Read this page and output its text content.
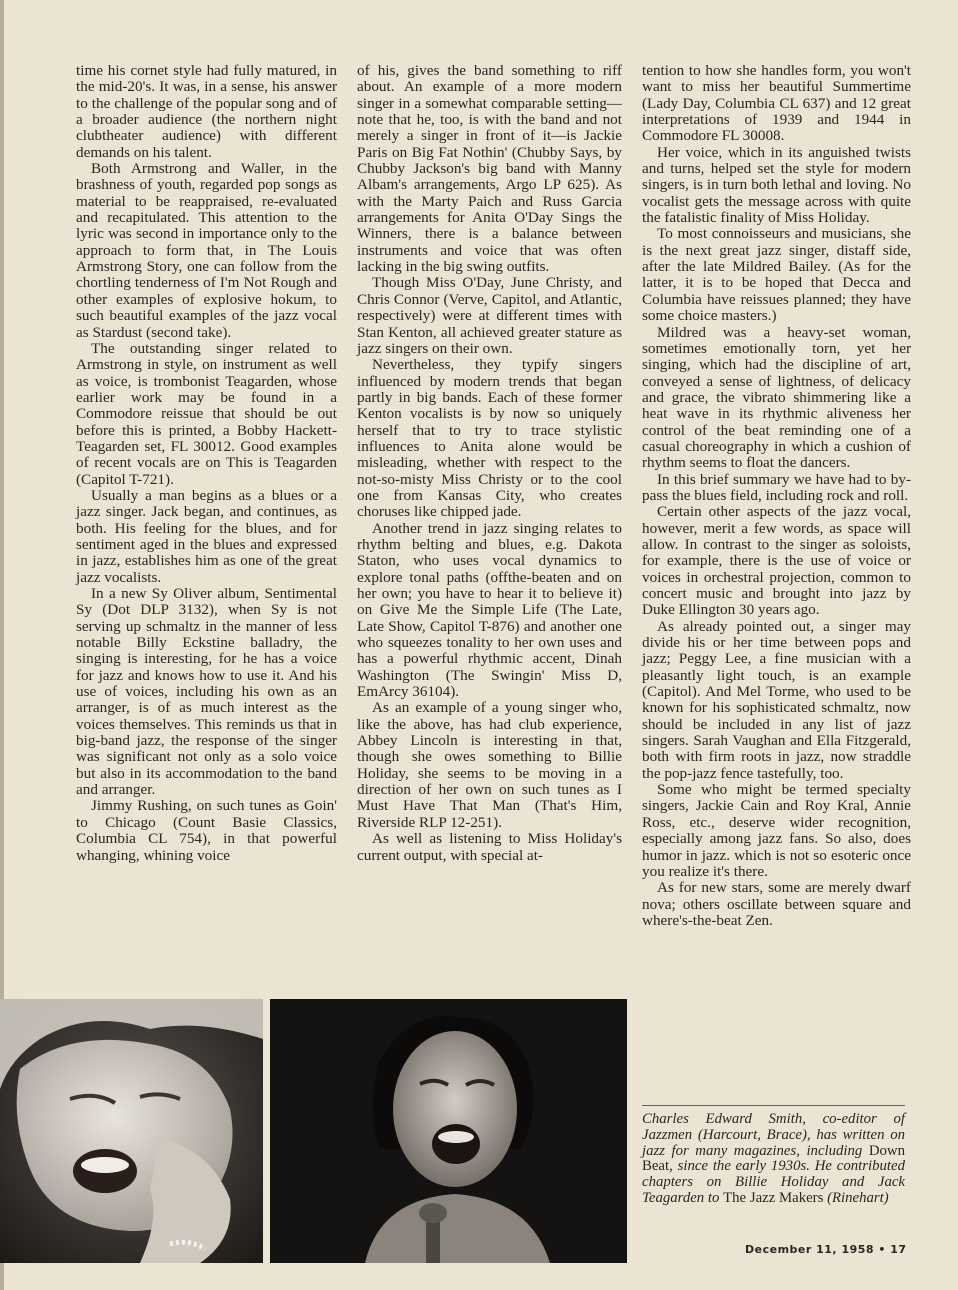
time his cornet style had fully matured, in the mid-20's. It was, in a sense, his answer to the challenge of the popular song and of a broader audience (the northern night clubtheater audience) with different demands on his talent.

Both Armstrong and Waller, in the brashness of youth, regarded pop songs as material to be reappraised, re-evaluated and recapitulated. This attention to the lyric was second in importance only to the approach to form that, in The Louis Armstrong Story, one can follow from the chortling tenderness of I'm Not Rough and other examples of explosive hokum, to such beautiful examples of the jazz vocal as Stardust (second take).

The outstanding singer related to Armstrong in style, on instrument as well as voice, is trombonist Teagarden, whose earlier work may be found in a Commodore reissue that should be out before this is printed, a Bobby Hackett-Teagarden set, FL 30012. Good examples of recent vocals are on This is Teagarden (Capitol T-721).

Usually a man begins as a blues or a jazz singer. Jack began, and continues, as both. His feeling for the blues, and for sentiment aged in the blues and expressed in jazz, establishes him as one of the great jazz vocalists.

In a new Sy Oliver album, Sentimental Sy (Dot DLP 3132), when Sy is not serving up schmaltz in the manner of less notable Billy Eckstine balladry, the singing is interesting, for he has a voice for jazz and knows how to use it. And his use of voices, including his own as an arranger, is of as much interest as the voices themselves. This reminds us that in big-band jazz, the response of the singer was significant not only as a solo voice but also in its accommodation to the band and arranger.

Jimmy Rushing, on such tunes as Goin' to Chicago (Count Basie Classics, Columbia CL 754), in that powerful whanging, whining voice

of his, gives the band something to riff about. An example of a more modern singer in a somewhat comparable setting—note that he, too, is with the band and not merely a singer in front of it—is Jackie Paris on Big Fat Nothin' (Chubby Says, by Chubby Jackson's big band with Manny Albam's arrangements, Argo LP 625). As with the Marty Paich and Russ Garcia arrangements for Anita O'Day Sings the Winners, there is a balance between instruments and voice that was often lacking in the big swing outfits.

Though Miss O'Day, June Christy, and Chris Connor (Verve, Capitol, and Atlantic, respectively) were at different times with Stan Kenton, all achieved greater stature as jazz singers on their own.

Nevertheless, they typify singers influenced by modern trends that began partly in big bands. Each of these former Kenton vocalists is by now so uniquely herself that to try to trace stylistic influences to Anita alone would be misleading, whether with respect to the not-so-misty Miss Christy or to the cool one from Kansas City, who creates choruses like chipped jade.

Another trend in jazz singing relates to rhythm belting and blues, e.g. Dakota Staton, who uses vocal dynamics to explore tonal paths (offthe-beaten and on her own; you have to hear it to believe it) on Give Me the Simple Life (The Late, Late Show, Capitol T-876) and another one who squeezes tonality to her own uses and has a powerful rhythmic accent, Dinah Washington (The Swingin' Miss D, EmArcy 36104).

As an example of a young singer who, like the above, has had club experience, Abbey Lincoln is interesting in that, though she owes something to Billie Holiday, she seems to be moving in a direction of her own on such tunes as I Must Have That Man (That's Him, Riverside RLP 12-251).

As well as listening to Miss Holiday's current output, with special at-

tention to how she handles form, you won't want to miss her beautiful Summertime (Lady Day, Columbia CL 637) and 12 great interpretations of 1939 and 1944 in Commodore FL 30008.

Her voice, which in its anguished twists and turns, helped set the style for modern singers, is in turn both lethal and loving. No vocalist gets the message across with quite the fatalistic finality of Miss Holiday.

To most connoisseurs and musicians, she is the next great jazz singer, distaff side, after the late Mildred Bailey. (As for the latter, it is to be hoped that Decca and Columbia have reissues planned; they have some choice masters.)

Mildred was a heavy-set woman, sometimes emotionally torn, yet her singing, which had the discipline of art, conveyed a sense of lightness, of delicacy and grace, the vibrato shimmering like a heat wave in its rhythmic aliveness her control of the beat reminding one of a casual choreography in which a cushion of rhythm seems to float the dancers.

In this brief summary we have had to by-pass the blues field, including rock and roll.

Certain other aspects of the jazz vocal, however, merit a few words, as space will allow. In contrast to the singer as soloists, for example, there is the use of voice or voices in orchestral projection, common to concert music and brought into jazz by Duke Ellington 30 years ago.

As already pointed out, a singer may divide his or her time between pops and jazz; Peggy Lee, a fine musician with a pleasantly light touch, is an example (Capitol). And Mel Torme, who used to be known for his sophisticated schmaltz, now should be included in any list of jazz singers. Sarah Vaughan and Ella Fitzgerald, both with firm roots in jazz, now straddle the pop-jazz fence tastefully, too.

Some who might be termed specialty singers, Jackie Cain and Roy Kral, Annie Ross, etc., deserve wider recognition, especially among jazz fans. So also, does humor in jazz. which is not so esoteric once you realize it's there.

As for new stars, some are merely dwarf nova; others oscillate between square and where's-the-beat Zen.

Charles Edward Smith, co-editor of Jazzmen (Harcourt, Brace), has written on jazz for many magazines, including Down Beat, since the early 1930s. He contributed chapters on Billie Holiday and Jack Teagarden to The Jazz Makers (Rinehart)
December 11, 1958 • 17
